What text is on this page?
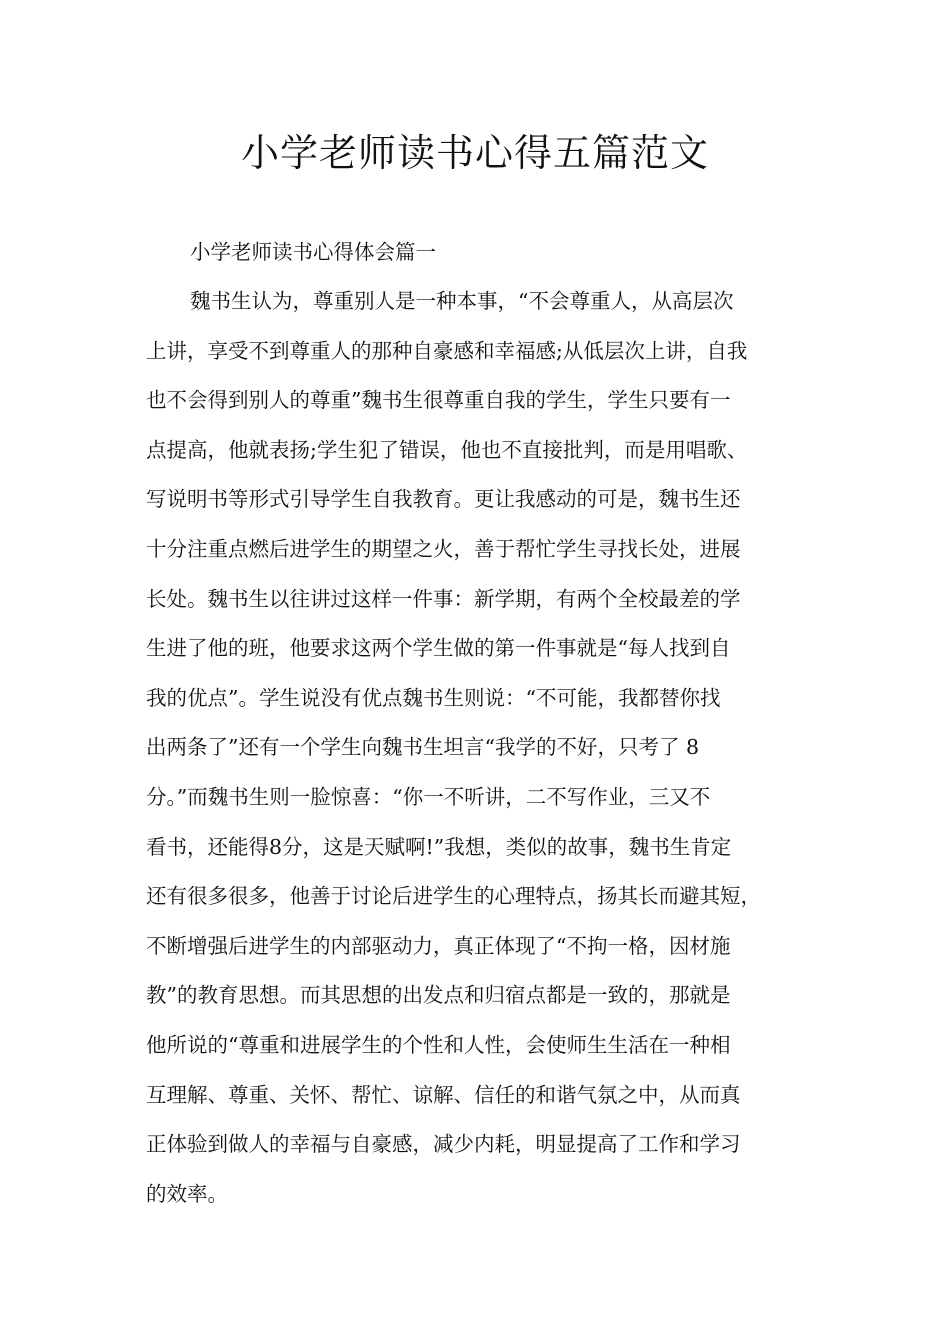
小学老师读书心得五篇范文

小学老师读书心得体会篇一

魏书生认为，尊重别人是一种本事，“不会尊重人，从高层次
上讲，享受不到尊重人的那种自豪感和幸福感;从低层次上讲，自我
也不会得到别人的尊重”魏书生很尊重自我的学生，学生只要有一
点提高，他就表扬;学生犯了错误，他也不直接批判，而是用唱歌、
写说明书等形式引导学生自我教育。更让我感动的可是，魏书生还
十分注重点燃后进学生的期望之火，善于帮忙学生寻找长处，进展
长处。魏书生以往讲过这样一件事：新学期，有两个全校最差的学
生进了他的班，他要求这两个学生做的第一件事就是“每人找到自
我的优点”。学生说没有优点魏书生则说：“不可能，我都替你找
出两条了”还有一个学生向魏书生坦言“我学的不好，只考了 8
分。”而魏书生则一脸惊喜：“你一不听讲，二不写作业，三又不
看书，还能得8分，这是天赋啊!”我想，类似的故事，魏书生肯定
还有很多很多，他善于讨论后进学生的心理特点，扬其长而避其短，
不断增强后进学生的内部驱动力，真正体现了“不拘一格，因材施
教”的教育思想。而其思想的出发点和归宿点都是一致的，那就是
他所说的“尊重和进展学生的个性和人性，会使师生生活在一种相
互理解、尊重、关怀、帮忙、谅解、信任的和谐气氛之中，从而真
正体验到做人的幸福与自豪感，减少内耗，明显提高了工作和学习
的效率。
